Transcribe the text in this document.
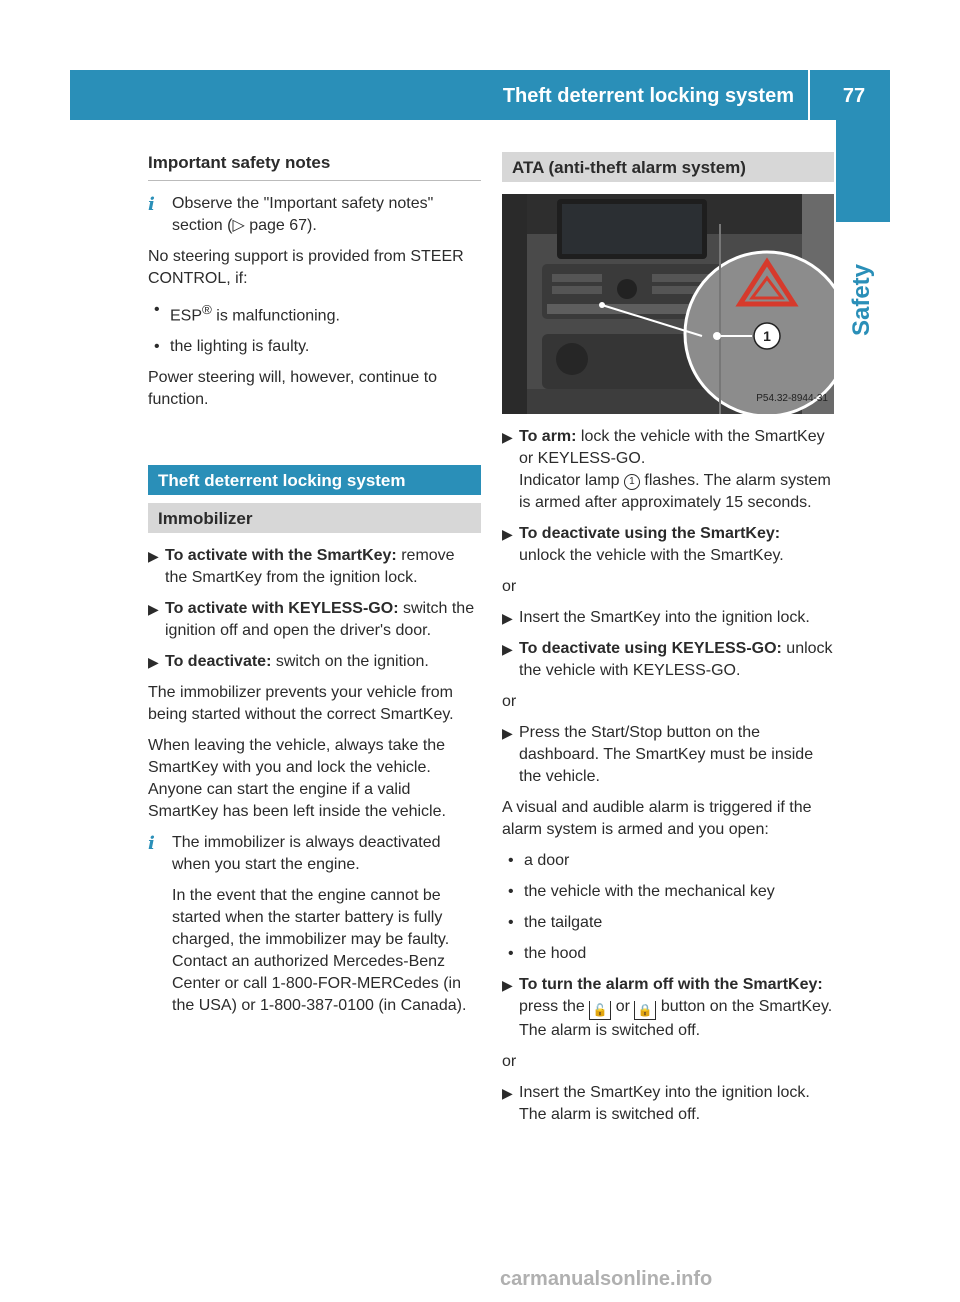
Theft deterrent locking system	77
Safety
Important safety notes
i Observe the "Important safety notes" section (▷ page 67).

No steering support is provided from STEER CONTROL, if:

• ESP® is malfunctioning.
• the lighting is faulty.

Power steering will, however, continue to function.

Theft deterrent locking system
Immobilizer
▶ To activate with the SmartKey: remove the SmartKey from the ignition lock.
▶ To activate with KEYLESS-GO: switch the ignition off and open the driver's door.
▶ To deactivate: switch on the ignition.

The immobilizer prevents your vehicle from being started without the correct SmartKey.

When leaving the vehicle, always take the SmartKey with you and lock the vehicle. Anyone can start the engine if a valid SmartKey has been left inside the vehicle.

i The immobilizer is always deactivated when you start the engine.

In the event that the engine cannot be started when the starter battery is fully charged, the immobilizer may be faulty. Contact an authorized Mercedes-Benz Center or call 1-800-FOR-MERCedes (in the USA) or 1-800-387-0100 (in Canada).

ATA (anti-theft alarm system)
1
P54.32-8944-31
▶ To arm: lock the vehicle with the SmartKey or KEYLESS-GO.
Indicator lamp 1 flashes. The alarm system is armed after approximately 15 seconds.
▶ To deactivate using the SmartKey:
unlock the vehicle with the SmartKey.

or

▶ Insert the SmartKey into the ignition lock.
▶ To deactivate using KEYLESS-GO: unlock the vehicle with KEYLESS-GO.

or

▶ Press the Start/Stop button on the dashboard. The SmartKey must be inside the vehicle.

A visual and audible alarm is triggered if the alarm system is armed and you open:

• a door
• the vehicle with the mechanical key
• the tailgate
• the hood
▶ To turn the alarm off with the SmartKey: press the 🔓 or 🔒 button on the SmartKey.
The alarm is switched off.

or

▶ Insert the SmartKey into the ignition lock.
The alarm is switched off.
carmanualsonline.info
